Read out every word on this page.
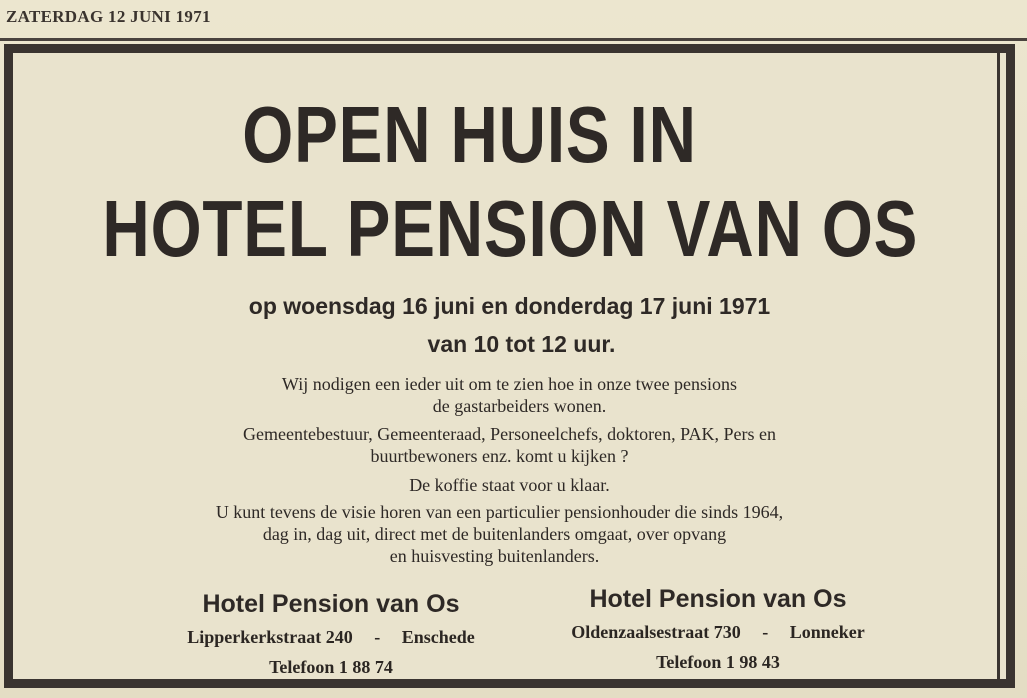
ZATERDAG 12 JUNI 1971
OPEN HUIS IN
HOTEL PENSION VAN OS
op woensdag 16 juni en donderdag 17 juni 1971
van 10 tot 12 uur.
Wij nodigen een ieder uit om te zien hoe in onze twee pensions
de gastarbeiders wonen.
Gemeentebestuur, Gemeenteraad, Personeelchefs, doktoren, PAK, Pers en
buurtbewoners enz. komt u kijken ?
De koffie staat voor u klaar.
U kunt tevens de visie horen van een particulier pensionhouder die sinds 1964,
dag in, dag uit, direct met de buitenlanders omgaat, over opvang
en huisvesting buitenlanders.
Hotel Pension van Os
Lipperkerkstraat 240 - Enschede
Telefoon 1 88 74
Hotel Pension van Os
Oldenzaalsestraat 730 - Lonneker
Telefoon 1 98 43
